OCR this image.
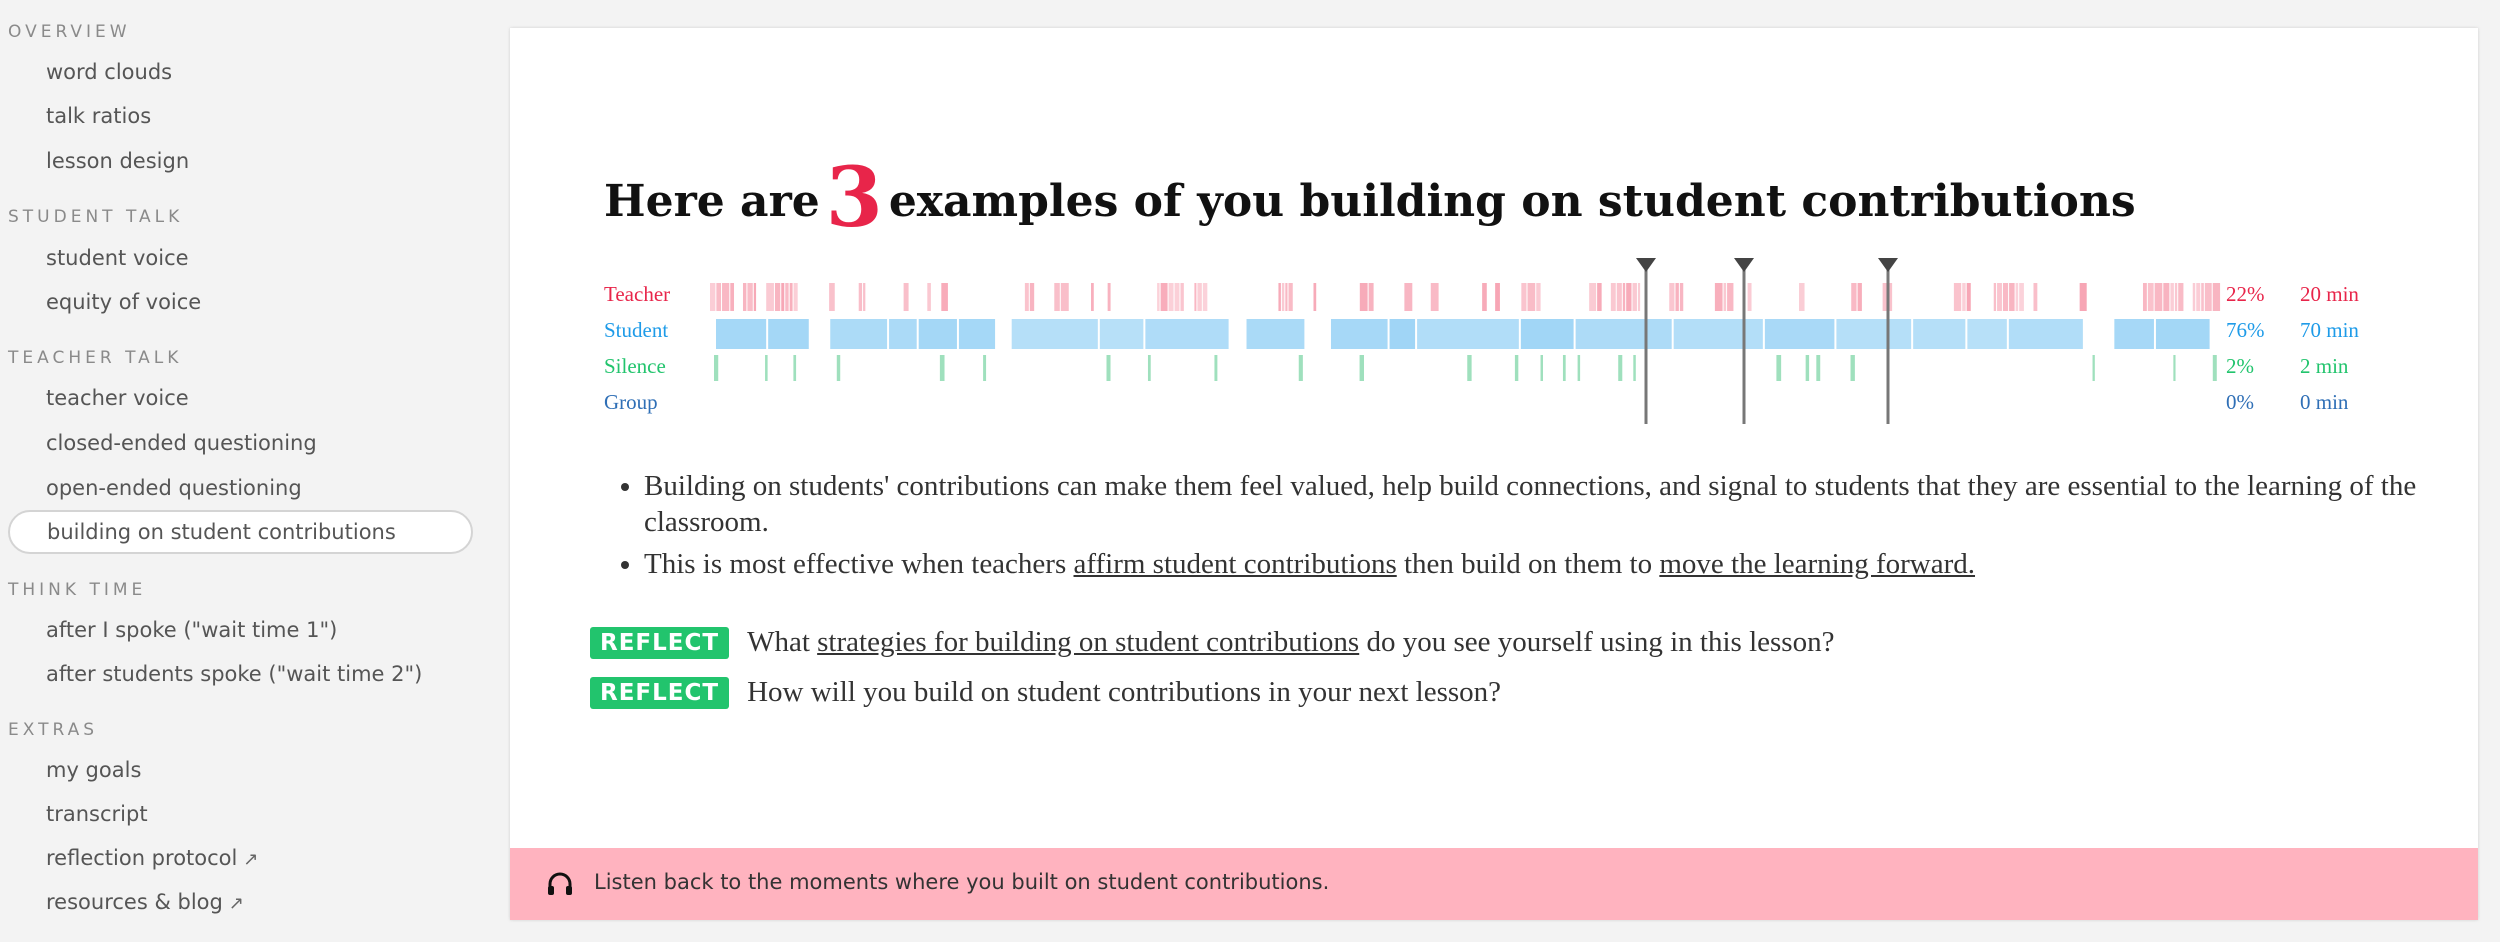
OVERVIEW
word clouds
talk ratios
lesson design
STUDENT TALK
student voice
equity of voice
TEACHER TALK
teacher voice
closed-ended questioning
open-ended questioning
building on student contributions
THINK TIME
after I spoke ("wait time 1")
after students spoke ("wait time 2")
EXTRAS
my goals
transcript
reflection protocol ↗
resources & blog ↗
Here are3 examples of you building on student contributions
Teacher
Student
Silence
Group
22%
76%
2%
0%
20 min
70 min
2 min
0 min
• Building on students' contributions can make them feel valued, help build connections, and signal to students that they are essential to the learning of the classroom.
• This is most effective when teachers affirm student contributions then build on them to move the learning forward.
REFLECT What strategies for building on student contributions do you see yourself using in this lesson?
REFLECT How will you build on student contributions in your next lesson?
Listen back to the moments where you built on student contributions.
